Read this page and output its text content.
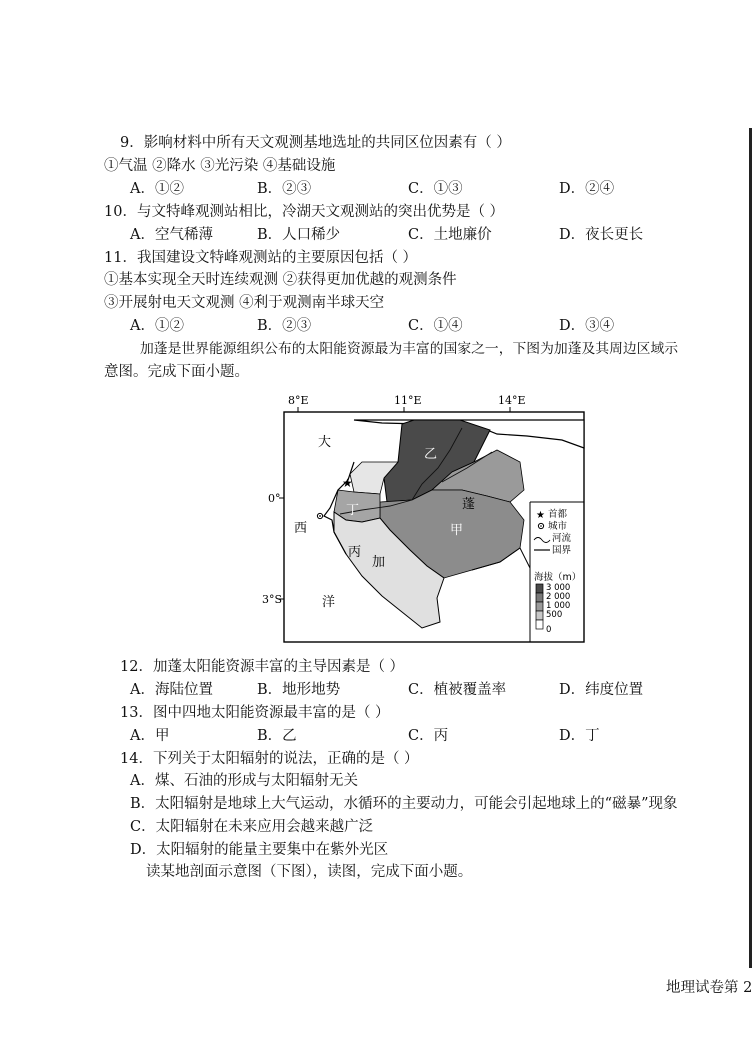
9．影响材料中所有天文观测基地选址的共同区位因素有（ ）
①气温 ②降水 ③光污染 ④基础设施
A．①②	B．②③	C．①③	D．②④
10．与文特峰观测站相比，冷湖天文观测站的突出优势是（ ）
A．空气稀薄	B．人口稀少	C．土地廉价	D．夜长更长
11．我国建设文特峰观测站的主要原因包括（ ）
①基本实现全天时连续观测 ②获得更加优越的观测条件
③开展射电天文观测 ④利于观测南半球天空
A．①②	B．②③	C．①④	D．③④
加蓬是世界能源组织公布的太阳能资源最为丰富的国家之一，下图为加蓬及其周边区域示
意图。完成下面小题。
8°E	11°E	14°E
0°
3°S
★
大
西
洋
加
蓬
甲
乙
丙
丁	★ 首都
城市
河流
国界
海拔（m）
3 000
2 000
1 000
500
0
12．加蓬太阳能资源丰富的主导因素是（ ）
A．海陆位置	B．地形地势	C．植被覆盖率	D．纬度位置
13．图中四地太阳能资源最丰富的是（ ）
A．甲	B．乙	C．丙	D．丁
14．下列关于太阳辐射的说法，正确的是（ ）
A．煤、石油的形成与太阳辐射无关
B．太阳辐射是地球上大气运动，水循环的主要动力，可能会引起地球上的“磁暴”现象
C．太阳辐射在未来应用会越来越广泛
D．太阳辐射的能量主要集中在紫外光区
读某地剖面示意图（下图），读图，完成下面小题。
地理试卷第 2
